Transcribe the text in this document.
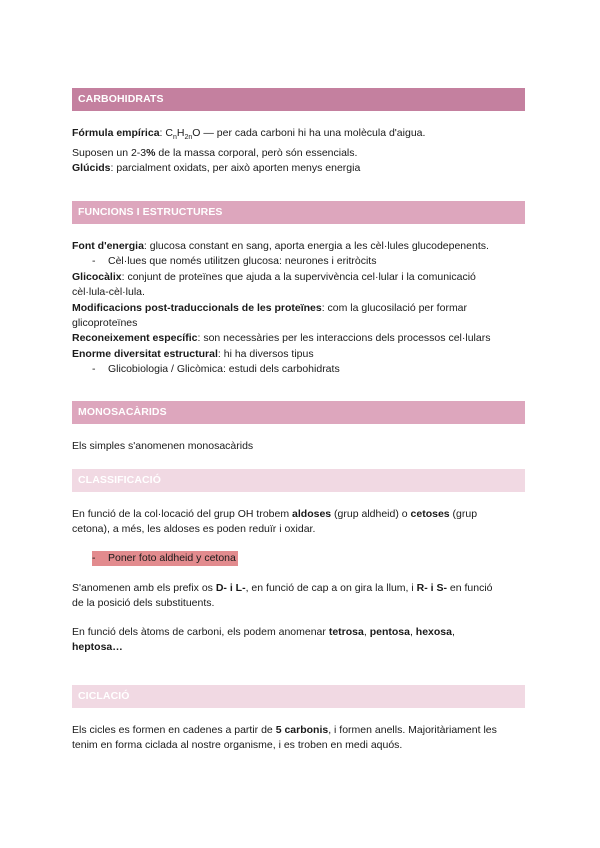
CARBOHIDRATS
Fórmula empírica: $C_nH_{2n}O$ — per cada carboni hi ha una molècula d'aigua.
Suposen un 2-3% de la massa corporal, però són essencials.
Glúcids: parcialment oxidats, per això aporten menys energia
FUNCIONS I ESTRUCTURES
Font d'energia: glucosa constant en sang, aporta energia a les cèl·lules glucodepenents.
- Cèl·lues que només utilitzen glucosa: neurones i eritròcits
Glicocàlix: conjunt de proteïnes que ajuda a la supervivència cel·lular i la comunicació
cèl·lula-cèl·lula.
Modificacions post-traduccionals de les proteïnes: com la glucosilació per formar
glicoproteïnes
Reconeixement específic: son necessàries per les interaccions dels processos cel·lulars
Enorme diversitat estructural: hi ha diversos tipus
- Glicobiologia / Glicòmica: estudi dels carbohidrats
MONOSACÀRIDS
Els simples s'anomenen monosacàrids
CLASSIFICACIÓ
En funció de la col·locació del grup OH trobem aldoses (grup aldheid) o cetoses (grup
cetona), a més, les aldoses es poden reduïr i oxidar.
- Poner foto aldheid y cetona
S'anomenen amb els prefix os D- i L-, en funció de cap a on gira la llum, i R- i S- en funció
de la posició dels substituents.
En funció dels àtoms de carboni, els podem anomenar tetrosa, pentosa, hexosa,
heptosa…
CICLACIÓ
Els cicles es formen en cadenes a partir de 5 carbonis, i formen anells. Majoritàriament les
tenim en forma ciclada al nostre organisme, i es troben en medi aquós.
